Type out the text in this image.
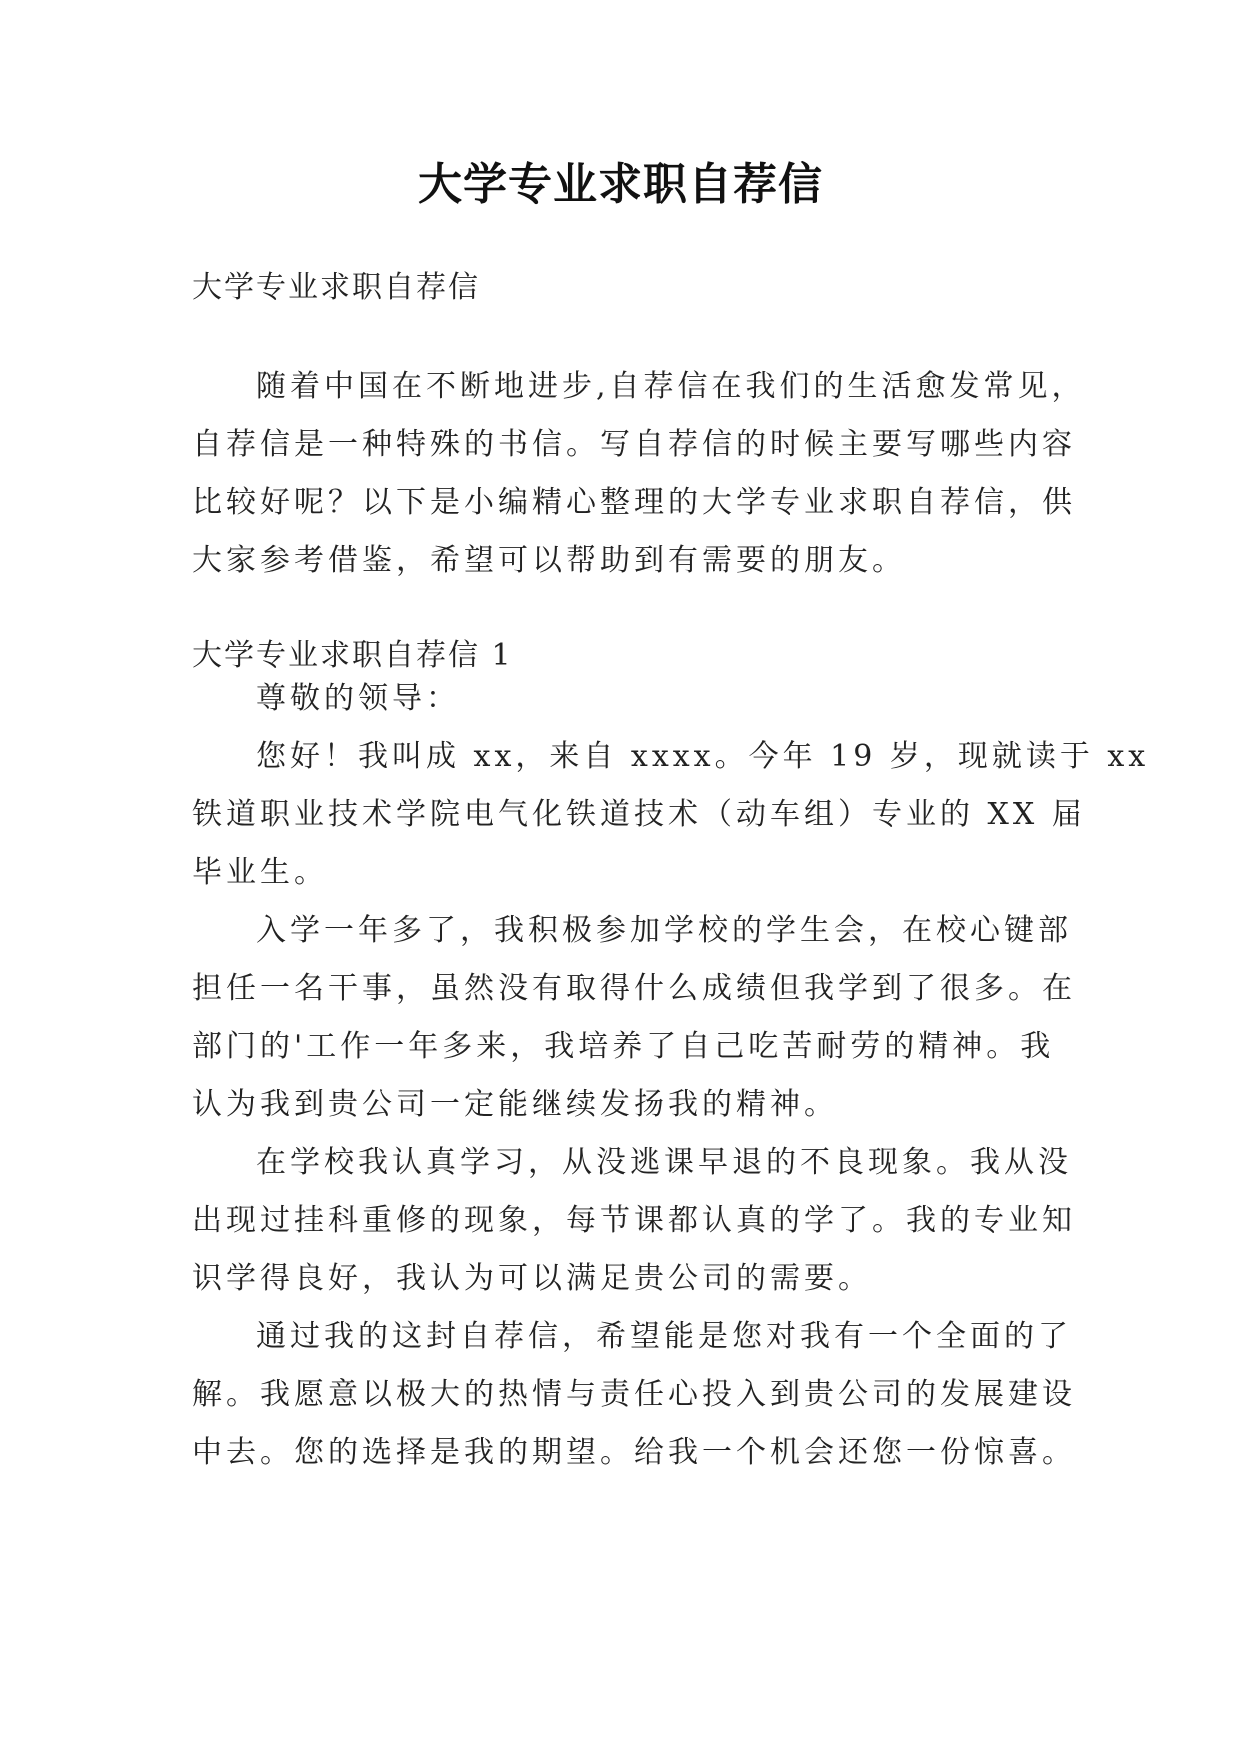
大学专业求职自荐信
大学专业求职自荐信
随着中国在不断地进步,自荐信在我们的生活愈发常见，
自荐信是一种特殊的书信。写自荐信的时候主要写哪些内容
比较好呢？以下是小编精心整理的大学专业求职自荐信，供
大家参考借鉴，希望可以帮助到有需要的朋友。
大学专业求职自荐信 1
尊敬的领导：
您好！我叫成 xx，来自 xxxx。今年 19 岁，现就读于 xx
铁道职业技术学院电气化铁道技术（动车组）专业的 XX 届
毕业生。
入学一年多了，我积极参加学校的学生会，在校心键部
担任一名干事，虽然没有取得什么成绩但我学到了很多。在
部门的'工作一年多来，我培养了自己吃苦耐劳的精神。我
认为我到贵公司一定能继续发扬我的精神。
在学校我认真学习，从没逃课早退的不良现象。我从没
出现过挂科重修的现象，每节课都认真的学了。我的专业知
识学得良好，我认为可以满足贵公司的需要。
通过我的这封自荐信，希望能是您对我有一个全面的了
解。我愿意以极大的热情与责任心投入到贵公司的发展建设
中去。您的选择是我的期望。给我一个机会还您一份惊喜。
